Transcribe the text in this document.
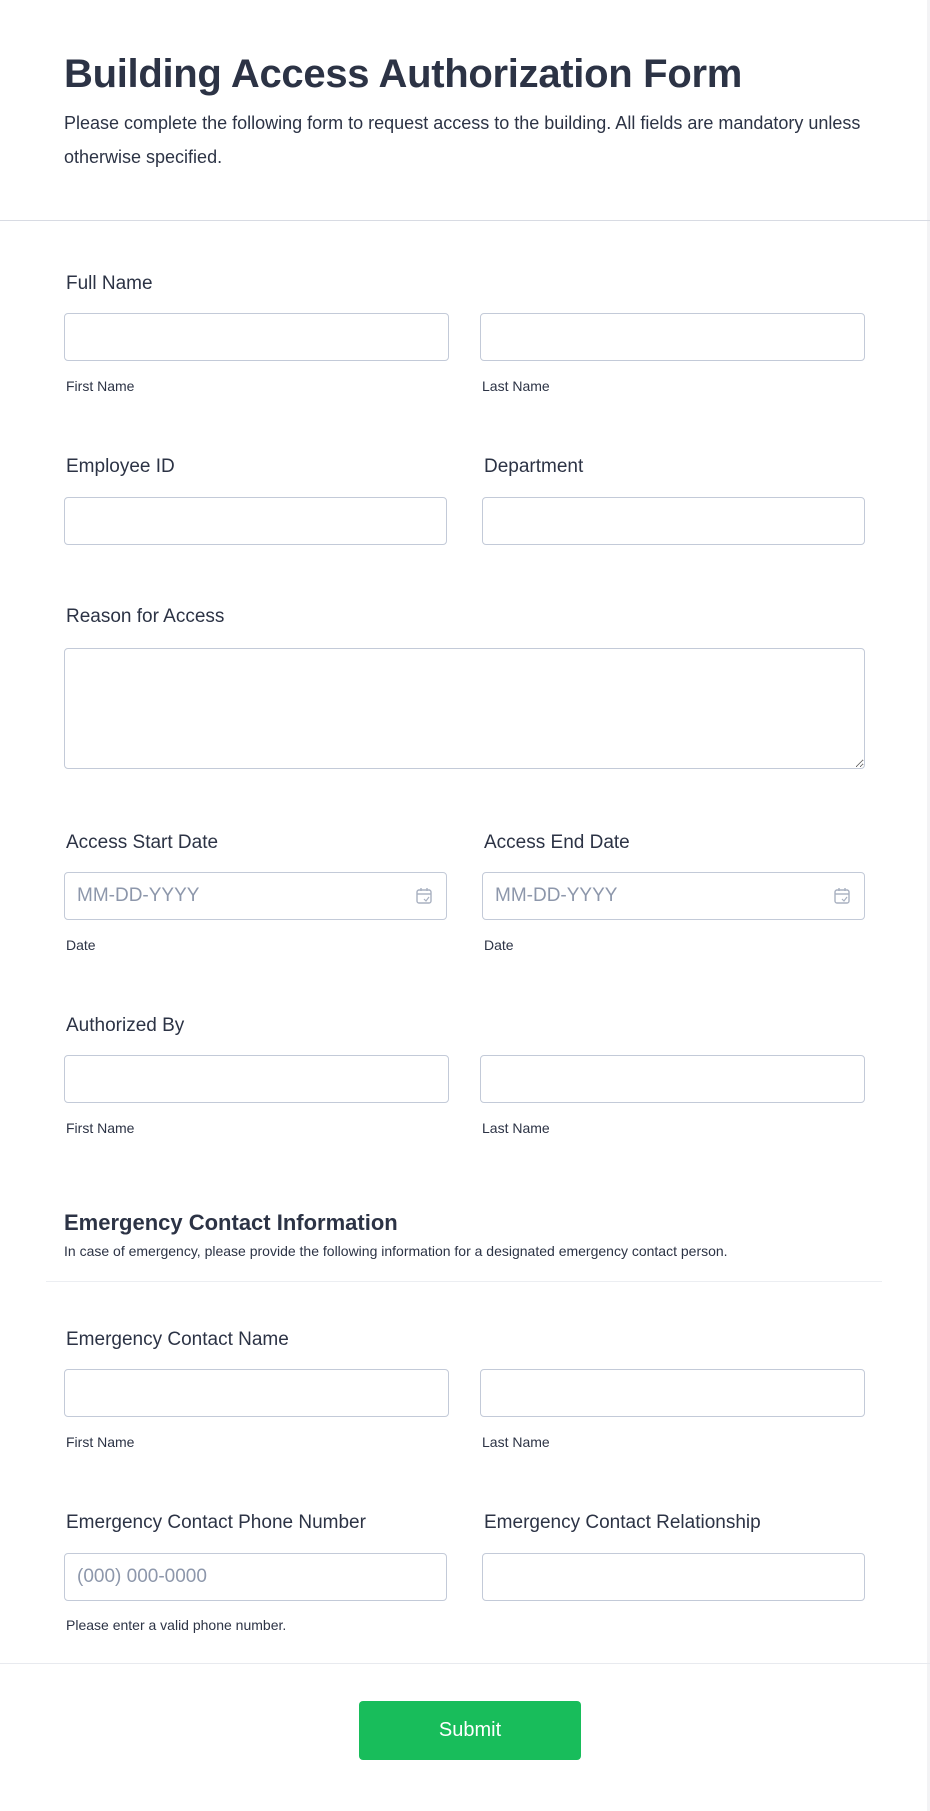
Building Access Authorization Form
Please complete the following form to request access to the building. All fields are mandatory unless otherwise specified.
Full Name
First Name	Last Name
Employee ID	Department
Reason for Access
Access Start Date
MM-DD-YYYY
Date
Access End Date
MM-DD-YYYY
Date
Authorized By
First Name	Last Name
Emergency Contact Information
In case of emergency, please provide the following information for a designated emergency contact person.
Emergency Contact Name
First Name	Last Name
Emergency Contact Phone Number
(000) 000-0000
Please enter a valid phone number.
Emergency Contact Relationship
Submit
